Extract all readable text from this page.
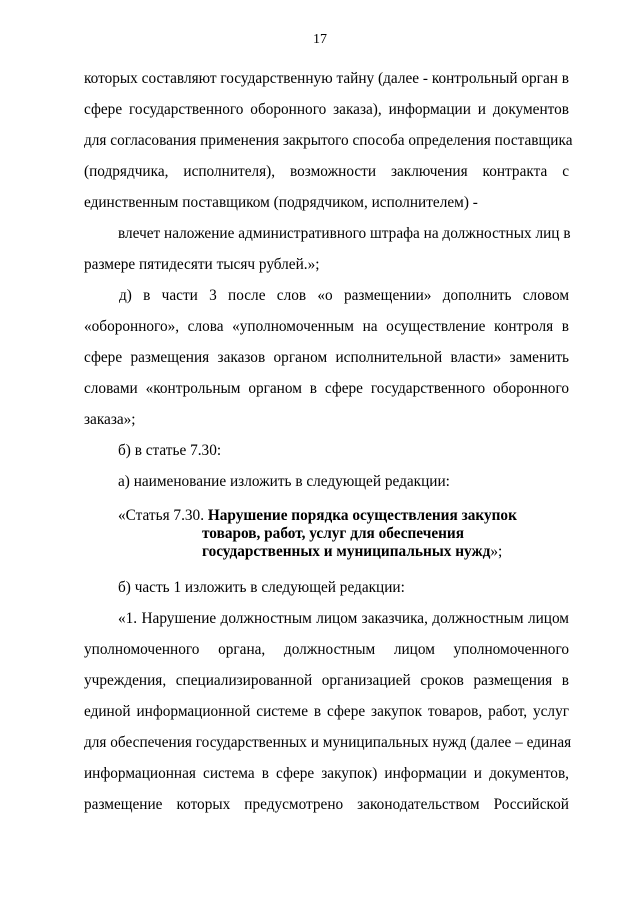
17
которых составляют государственную тайну (далее - контрольный орган в
сфере государственного оборонного заказа), информации и документов
для согласования применения закрытого способа определения поставщика
(подрядчика, исполнителя), возможности заключения контракта с
единственным поставщиком (подрядчиком, исполнителем) -
влечет наложение административного штрафа на должностных лиц в
размере пятидесяти тысяч рублей.»;
д) в части 3 после слов «о размещении» дополнить словом
«оборонного», слова «уполномоченным на осуществление контроля в
сфере размещения заказов органом исполнительной власти» заменить
словами «контрольным органом в сфере государственного оборонного
заказа»;
б) в статье 7.30:
а) наименование изложить в следующей редакции:
«Статья 7.30. Нарушение порядка осуществления закупок
товаров, работ, услуг для обеспечения
государственных и муниципальных нужд»;
б) часть 1 изложить в следующей редакции:
«1. Нарушение должностным лицом заказчика, должностным лицом
уполномоченного органа, должностным лицом уполномоченного
учреждения, специализированной организацией сроков размещения в
единой информационной системе в сфере закупок товаров, работ, услуг
для обеспечения государственных и муниципальных нужд (далее – единая
информационная система в сфере закупок) информации и документов,
размещение которых предусмотрено законодательством Российской
